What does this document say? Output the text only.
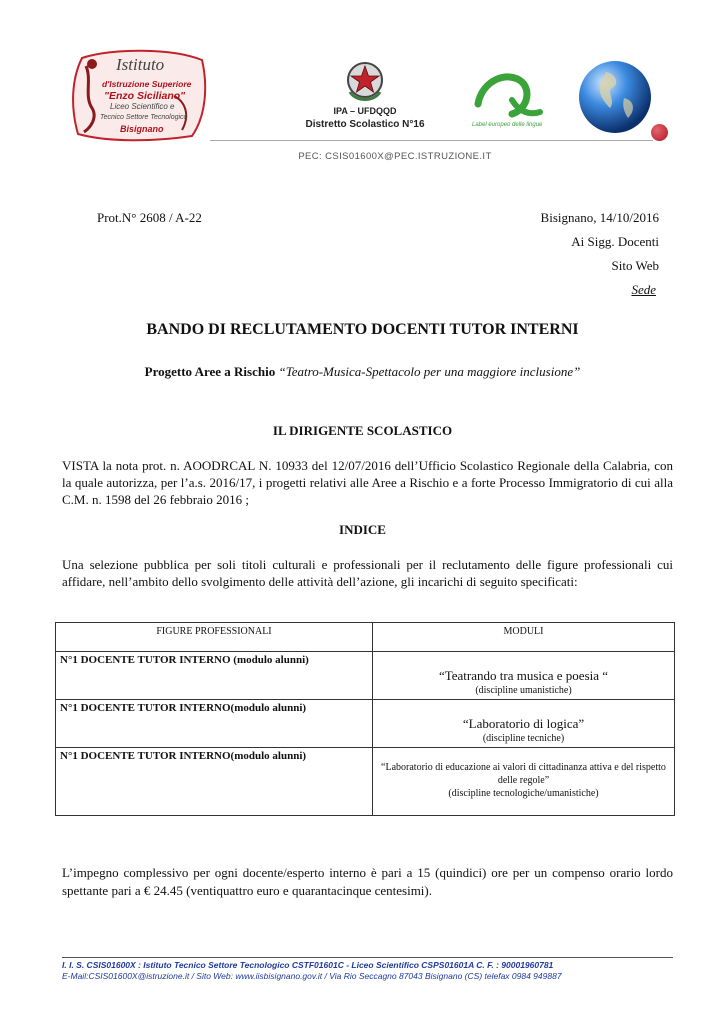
Istituto
d'Istruzione Superiore
"Enzo Siciliano"
Liceo Scientifico e
Tecnico Settore Tecnologico
Bisignano
IPA – UFDQQD
Distretto Scolastico N°16	Label europeo delle lingue
PEC: CSIS01600X@PEC.ISTRUZIONE.IT
Prot.N° 2608 / A-22	Bisignano, 14/10/2016
Ai Sigg. Docenti
Sito Web
Sede
BANDO DI RECLUTAMENTO DOCENTI TUTOR INTERNI
Progetto Aree a Rischio “Teatro-Musica-Spettacolo per una maggiore inclusione”
IL DIRIGENTE SCOLASTICO
VISTA la nota prot. n. AOODRCAL N. 10933 del 12/07/2016 dell’Ufficio Scolastico Regionale della Calabria, con la quale autorizza, per l’a.s. 2016/17, i progetti relativi alle Aree a Rischio e a forte Processo Immigratorio di cui alla C.M. n. 1598 del 26 febbraio 2016 ;
INDICE
Una selezione pubblica per soli titoli culturali e professionali per il reclutamento delle figure professionali cui affidare, nell’ambito dello svolgimento delle attività dell’azione, gli incarichi di seguito specificati:
FIGURE PROFESSIONALI	MODULI
N°1 DOCENTE TUTOR INTERNO (modulo alunni)	“Teatrando tra musica e poesia “
(discipline umanistiche)

N°1 DOCENTE TUTOR INTERNO(modulo alunni)	“Laboratorio di logica”
(discipline tecniche)

N°1 DOCENTE TUTOR INTERNO(modulo alunni)	“Laboratorio di educazione ai valori di cittadinanza attiva e del rispetto delle regole”
(discipline tecnologiche/umanistiche)
L’impegno complessivo per ogni docente/esperto interno è pari a 15 (quindici) ore per un compenso orario lordo spettante pari a € 24.45 (ventiquattro euro e quarantacinque centesimi).
I. I. S. CSIS01600X : Istituto Tecnico Settore Tecnologico CSTF01601C - Liceo Scientifico CSPS01601A C. F. : 90001960781
E-Mail:CSIS01600X@istruzione.it / Sito Web: www.iisbisignano.gov.it / Via Rio Seccagno 87043 Bisignano (CS) telefax 0984 949887
